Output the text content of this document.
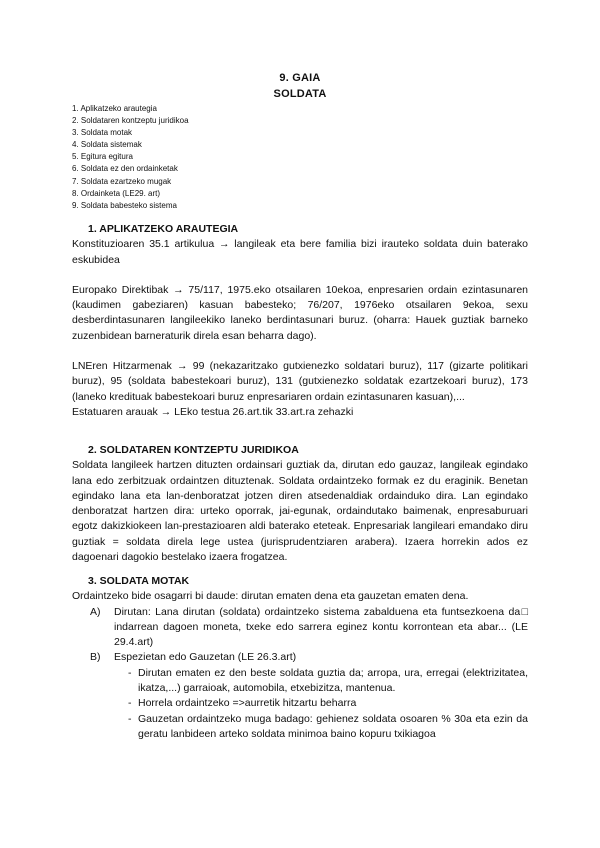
9. GAIA
SOLDATA
1. Aplikatzeko arautegia
2. Soldataren kontzeptu juridikoa
3. Soldata motak
4. Soldata sistemak
5. Egitura egitura
6. Soldata ez den ordainketak
7. Soldata ezartzeko mugak
8. Ordainketa (LE29. art)
9. Soldata babesteko sistema
1. APLIKATZEKO ARAUTEGIA
Konstituzioaren 35.1 artikulua → langileak eta bere familia bizi irauteko soldata duin baterako eskubidea
Europako Direktibak → 75/117, 1975.eko otsailaren 10ekoa, enpresarien ordain ezintasunaren (kaudimen gabeziaren) kasuan babesteko; 76/207, 1976eko otsailaren 9ekoa, sexu desberdintasunaren langileekiko laneko berdintasunari buruz. (oharra: Hauek guztiak barneko zuzenbidean barneraturik direla esan beharra dago).
LNEren Hitzarmenak → 99 (nekazaritzako gutxienezko soldatari buruz), 117 (gizarte politikari buruz), 95 (soldata babestekoari buruz), 131 (gutxienezko soldatak ezartzekoari buruz), 173 (laneko kredituak babestekoari buruz enpresariaren ordain ezintasunaren kasuan),...
Estatuaren arauak → LEko testua 26.art.tik 33.art.ra zehazki
2. SOLDATAREN KONTZEPTU JURIDIKOA
Soldata langileek hartzen dituzten ordainsari guztiak da, dirutan edo gauzaz, langileak egindako lana edo zerbitzuak ordaintzen dituztenak. Soldata ordaintzeko formak ez du eraginik. Benetan egindako lana eta lan-denboratzat jotzen diren atsedenaldiak ordainduko dira. Lan egindako denboratzat hartzen dira: urteko oporrak, jai-egunak, ordaindutako baimenak, enpresaburuari egotz dakizkiokeen lan-prestazioaren aldi baterako eteteak. Enpresariak langileari emandako diru guztiak = soldata direla lege ustea (jurisprudentziaren arabera). Izaera horrekin ados ez dagoenari dagokio bestelako izaera frogatzea.
3. SOLDATA MOTAK
Ordaintzeko bide osagarri bi daude: dirutan ematen dena eta gauzetan ematen dena.
A) Dirutan: Lana dirutan (soldata) ordaintzeko sistema zabalduena eta funtsezkoena da□ indarrean dagoen moneta, txeke edo sarrera eginez kontu korrontean eta abar... (LE 29.4.art)
B) Espezietan edo Gauzetan (LE 26.3.art)
- Dirutan ematen ez den beste soldata guztia da; arropa, ura, erregai (elektrizitatea, ikatza,...) garraioak, automobila, etxebizitza, mantenua.
- Horrela ordaintzeko =>aurretik hitzartu beharra
- Gauzetan ordaintzeko muga badago: gehienez soldata osoaren % 30a eta ezin da geratu lanbideen arteko soldata minimoa baino kopuru txikiagoa
